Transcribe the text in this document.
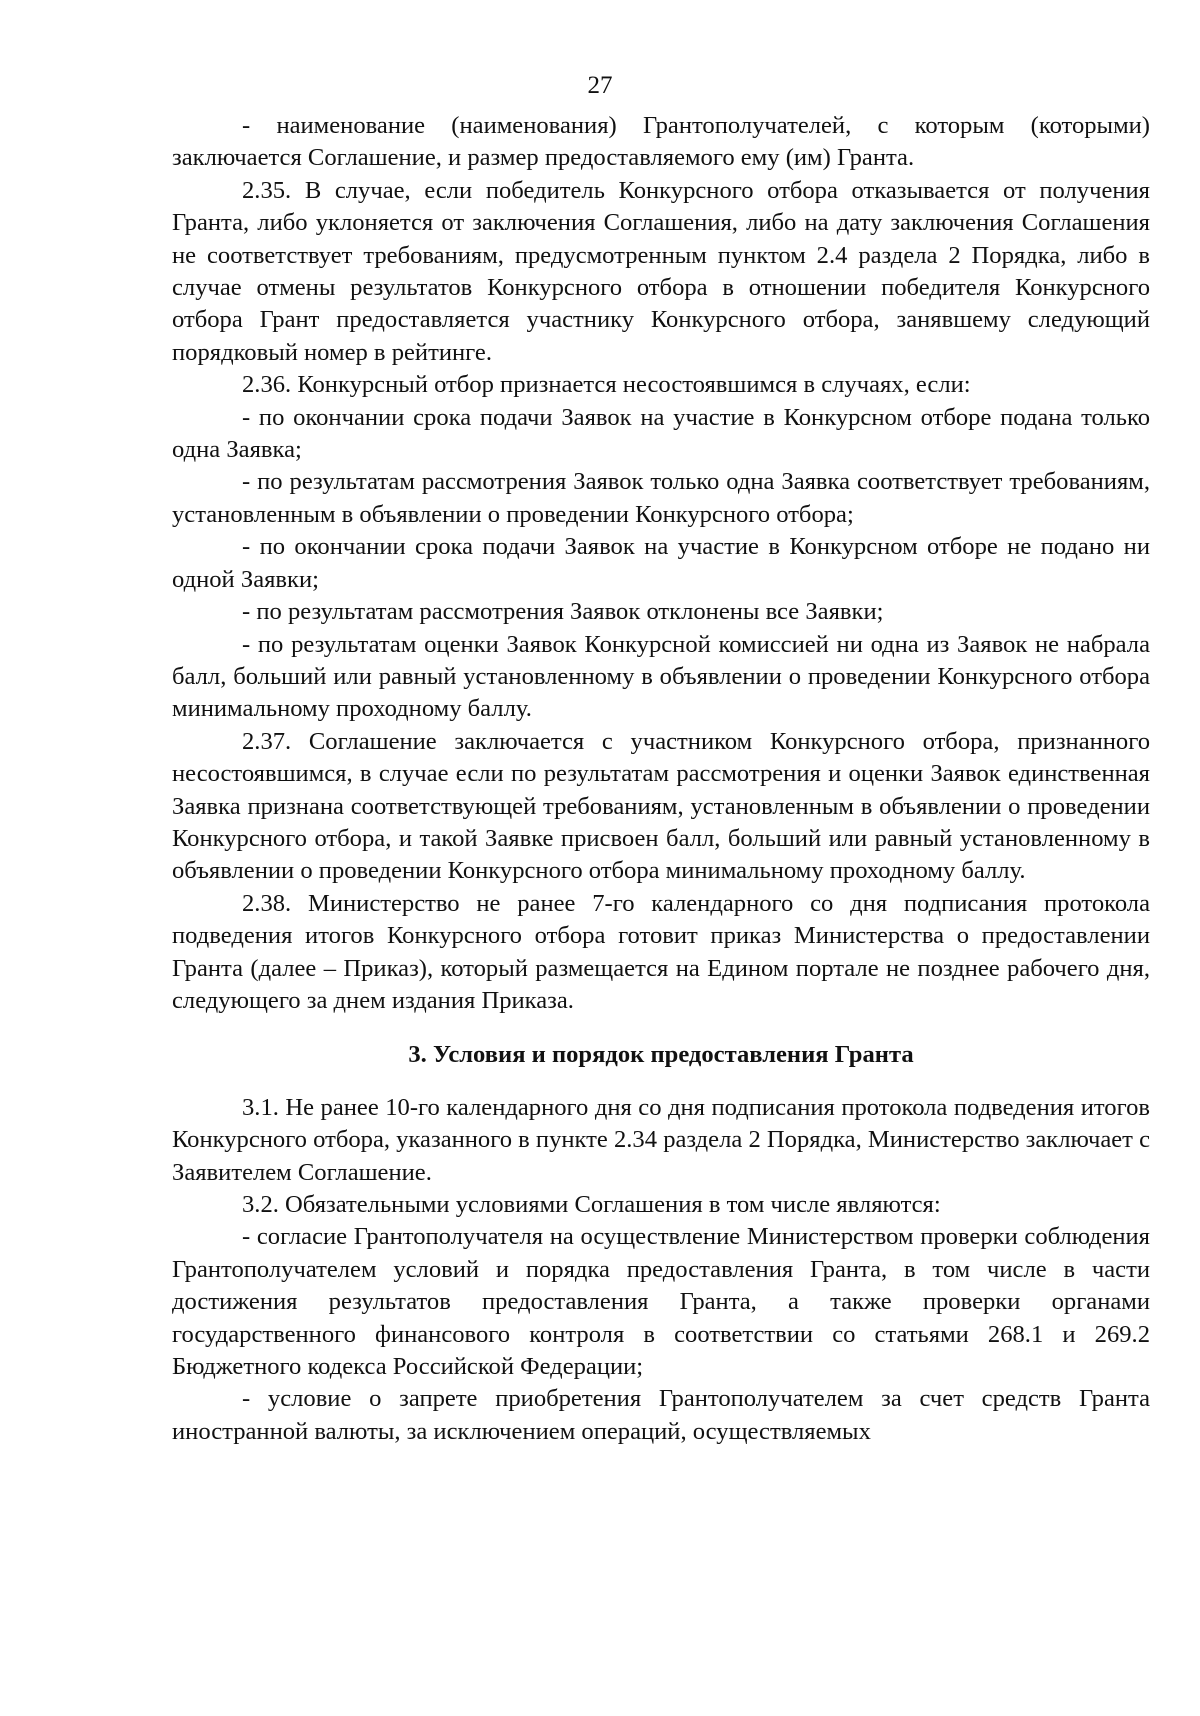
27

- наименование (наименования) Грантополучателей, с которым (которыми) заключается Соглашение, и размер предоставляемого ему (им) Гранта.

2.35. В случае, если победитель Конкурсного отбора отказывается от получения Гранта, либо уклоняется от заключения Соглашения, либо на дату заключения Соглашения не соответствует требованиям, предусмотренным пунктом 2.4 раздела 2 Порядка, либо в случае отмены результатов Конкурсного отбора в отношении победителя Конкурсного отбора Грант предоставляется участнику Конкурсного отбора, занявшему следующий порядковый номер в рейтинге.

2.36. Конкурсный отбор признается несостоявшимся в случаях, если:

- по окончании срока подачи Заявок на участие в Конкурсном отборе подана только одна Заявка;

- по результатам рассмотрения Заявок только одна Заявка соответствует требованиям, установленным в объявлении о проведении Конкурсного отбора;

- по окончании срока подачи Заявок на участие в Конкурсном отборе не подано ни одной Заявки;

- по результатам рассмотрения Заявок отклонены все Заявки;

- по результатам оценки Заявок Конкурсной комиссией ни одна из Заявок не набрала балл, больший или равный установленному в объявлении о проведении Конкурсного отбора минимальному проходному баллу.

2.37. Соглашение заключается с участником Конкурсного отбора, признанного несостоявшимся, в случае если по результатам рассмотрения и оценки Заявок единственная Заявка признана соответствующей требованиям, установленным в объявлении о проведении Конкурсного отбора, и такой Заявке присвоен балл, больший или равный установленному в объявлении о проведении Конкурсного отбора минимальному проходному баллу.

2.38. Министерство не ранее 7-го календарного со дня подписания протокола подведения итогов Конкурсного отбора готовит приказ Министерства о предоставлении Гранта (далее – Приказ), который размещается на Едином портале не позднее рабочего дня, следующего за днем издания Приказа.

3. Условия и порядок предоставления Гранта

3.1. Не ранее 10-го календарного дня со дня подписания протокола подведения итогов Конкурсного отбора, указанного в пункте 2.34 раздела 2 Порядка, Министерство заключает с Заявителем Соглашение.

3.2. Обязательными условиями Соглашения в том числе являются:

- согласие Грантополучателя на осуществление Министерством проверки соблюдения Грантополучателем условий и порядка предоставления Гранта, в том числе в части достижения результатов предоставления Гранта, а также проверки органами государственного финансового контроля в соответствии со статьями 268.1 и 269.2 Бюджетного кодекса Российской Федерации;

- условие о запрете приобретения Грантополучателем за счет средств Гранта иностранной валюты, за исключением операций, осуществляемых
